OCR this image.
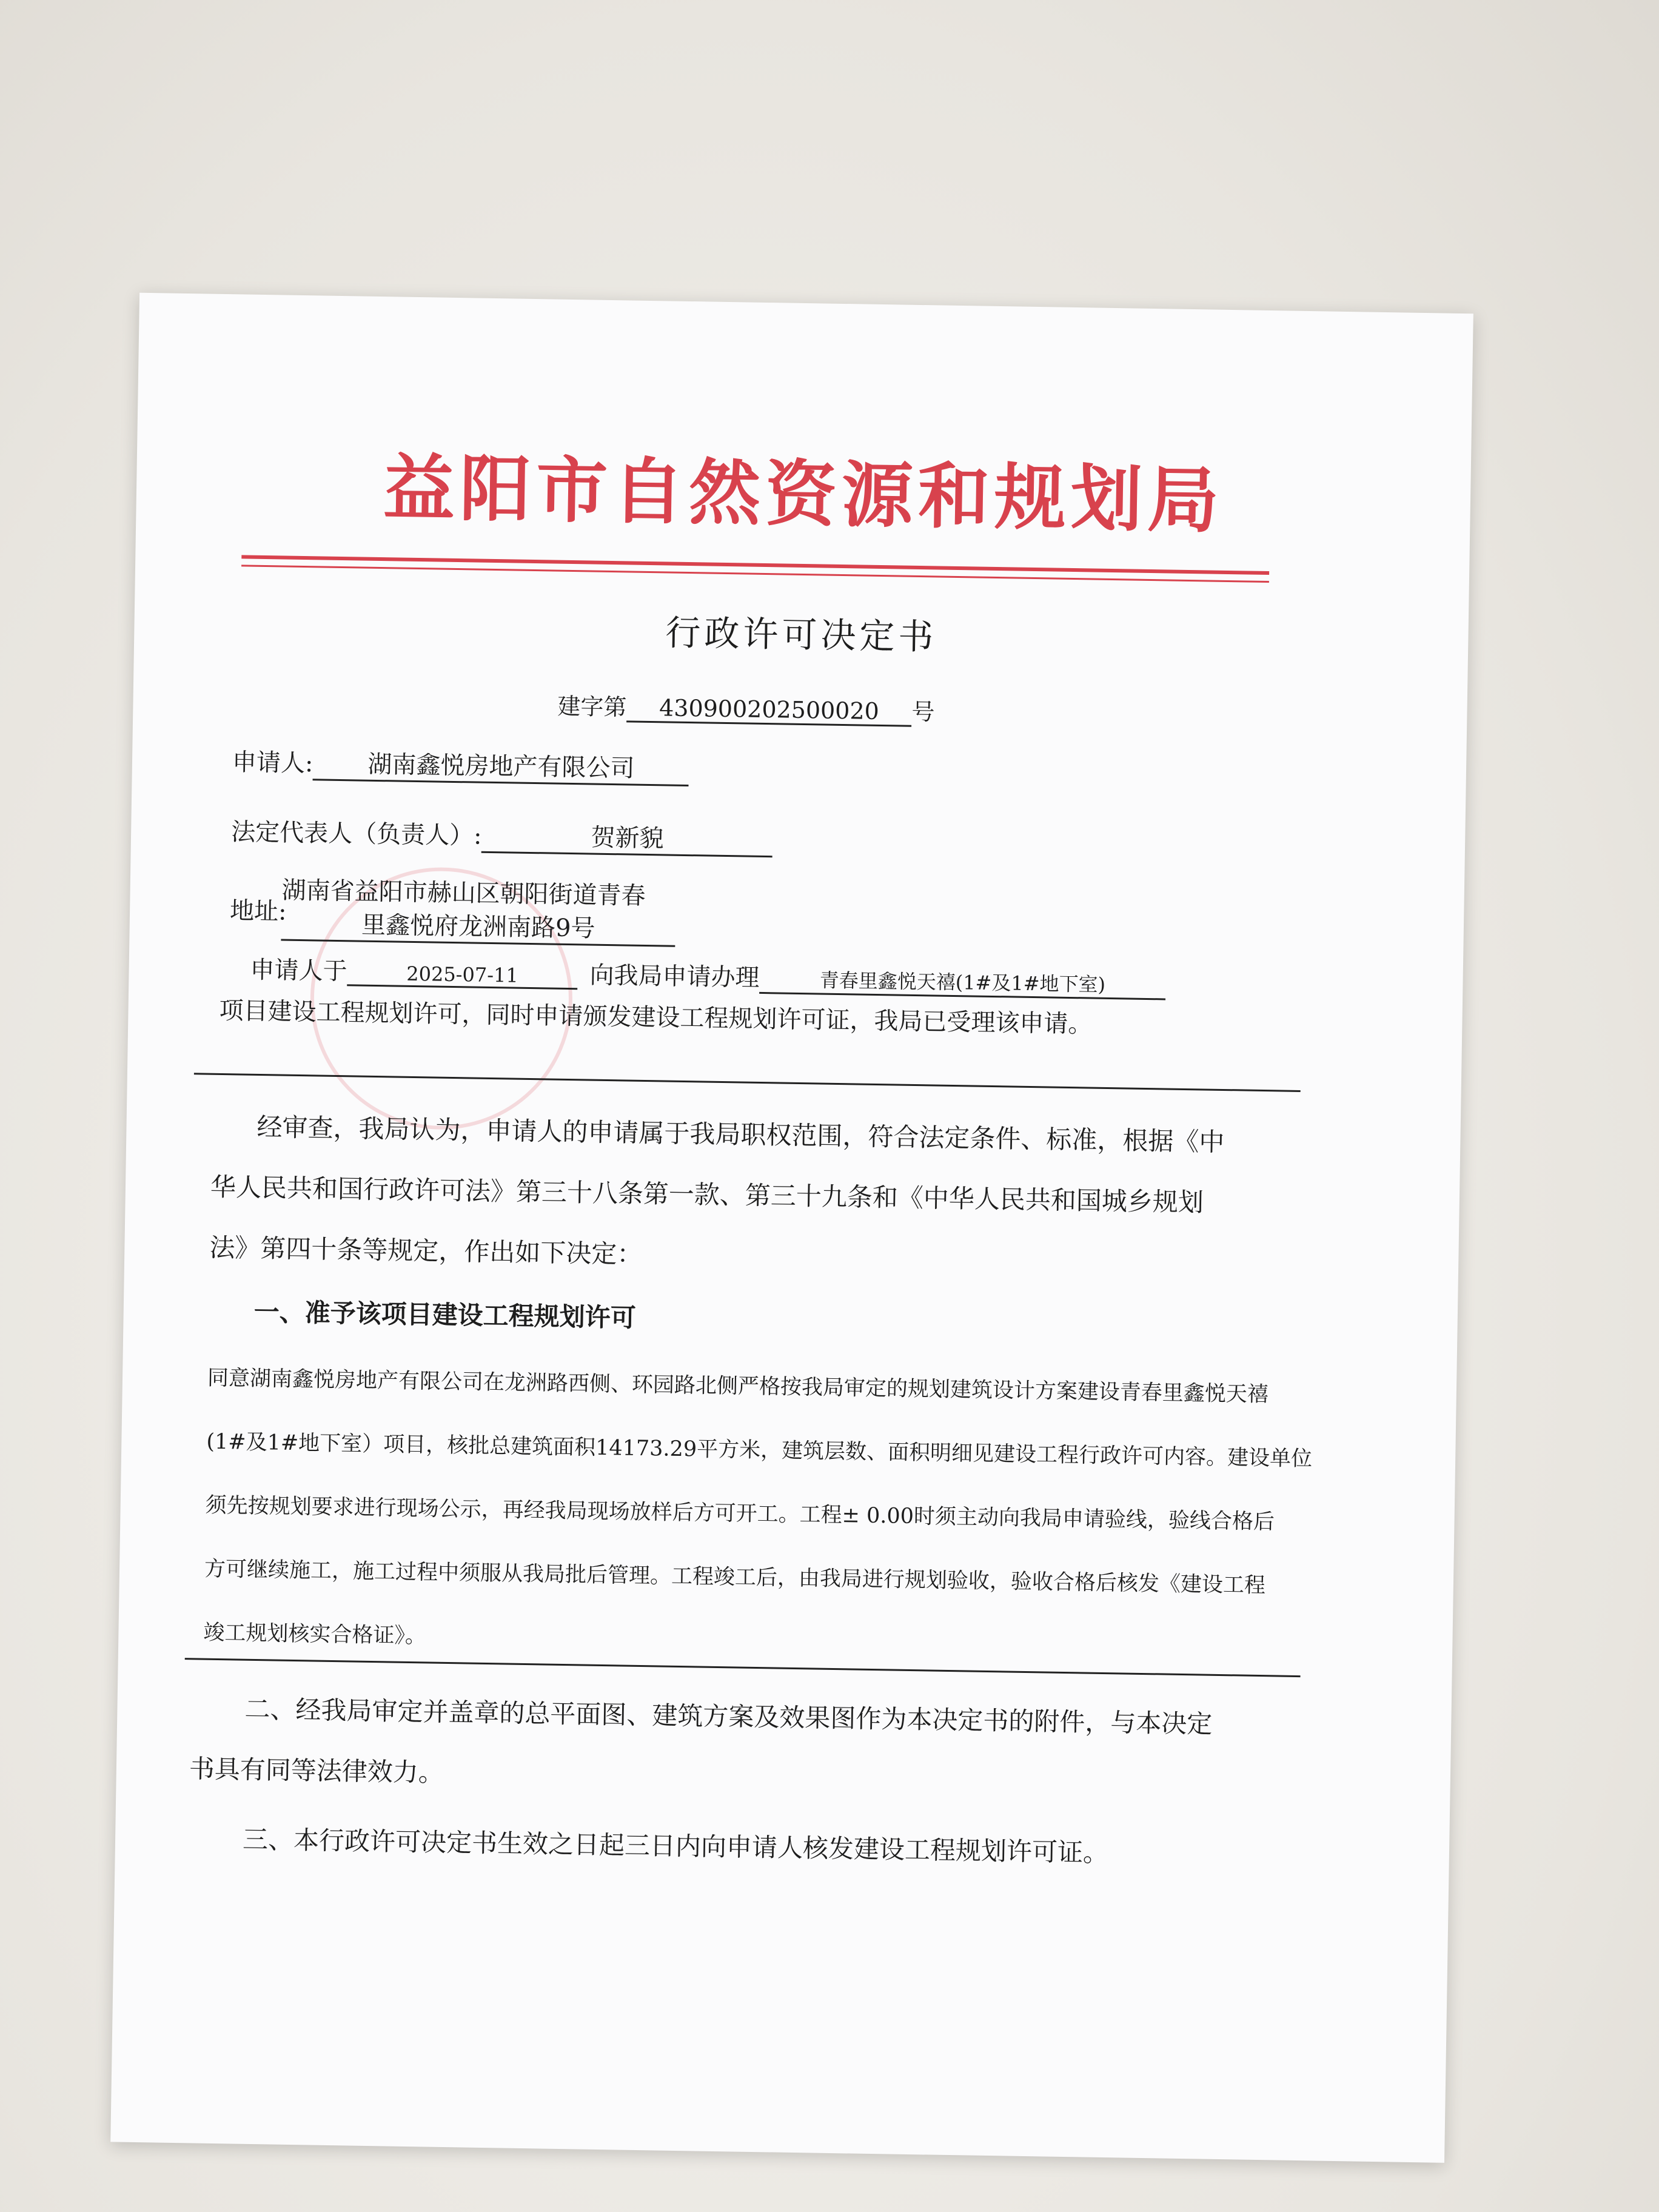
益阳市自然资源和规划局
行政许可决定书
建字第 430900202500020 号
申请人: 湖南鑫悦房地产有限公司
法定代表人（负责人）:	贺新貌
地址:
湖南省益阳市赫山区朝阳街道青春
里鑫悦府龙洲南路9号
申请人于	2025-07-11	向我局申请办理	青春里鑫悦天禧(1#及1#地下室)
项目建设工程规划许可，同时申请颁发建设工程规划许可证，我局已受理该申请。
经审查，我局认为，申请人的申请属于我局职权范围，符合法定条件、标准，根据《中
华人民共和国行政许可法》第三十八条第一款、第三十九条和《中华人民共和国城乡规划
法》第四十条等规定，作出如下决定：
一、准予该项目建设工程规划许可
同意湖南鑫悦房地产有限公司在龙洲路西侧、环园路北侧严格按我局审定的规划建筑设计方案建设青春里鑫悦天禧
(1#及1#地下室）项目，核批总建筑面积14173.29平方米，建筑层数、面积明细见建设工程行政许可内容。建设单位
须先按规划要求进行现场公示，再经我局现场放样后方可开工。工程± 0.00时须主动向我局申请验线，验线合格后
方可继续施工，施工过程中须服从我局批后管理。工程竣工后，由我局进行规划验收，验收合格后核发《建设工程
竣工规划核实合格证》。
二、经我局审定并盖章的总平面图、建筑方案及效果图作为本决定书的附件，与本决定
书具有同等法律效力。
三、本行政许可决定书生效之日起三日内向申请人核发建设工程规划许可证。
